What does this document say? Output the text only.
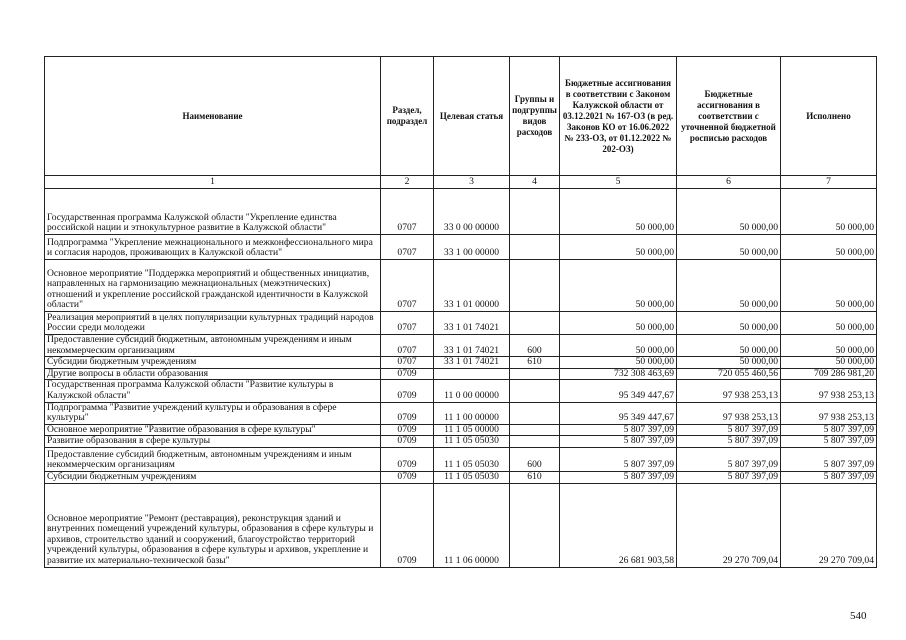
Наименование	Раздел, подраздел	Целевая статья	Группы и подгруппы видов расходов	Бюджетные ассигнования в соответствии с Законом Калужской области от 03.12.2021 № 167-ОЗ (в ред. Законов КО от 16.06.2022 № 233-ОЗ, от 01.12.2022 № 202-ОЗ)	Бюджетные ассигнования в соответствии с уточненной бюджетной росписью расходов	Исполнено
1	2	3	4	5	6	7
Государственная программа Калужской области "Укрепление единства российской нации и этнокультурное развитие в Калужской области"	0707	33 0 00 00000		50 000,00	50 000,00	50 000,00
Подпрограмма "Укрепление межнационального и межконфессионального мира и согласия народов, проживающих в Калужской области"	0707	33 1 00 00000		50 000,00	50 000,00	50 000,00
Основное мероприятие "Поддержка мероприятий и общественных инициатив, направленных на гармонизацию межнациональных (межэтнических) отношений и укрепление российской гражданской идентичности в Калужской области"	0707	33 1 01 00000		50 000,00	50 000,00	50 000,00
Реализация мероприятий в целях популяризации культурных традиций народов России среди молодежи	0707	33 1 01 74021		50 000,00	50 000,00	50 000,00
Предоставление субсидий бюджетным, автономным учреждениям и иным некоммерческим организациям	0707	33 1 01 74021	600	50 000,00	50 000,00	50 000,00
Субсидии бюджетным учреждениям	0707	33 1 01 74021	610	50 000,00	50 000,00	50 000,00
Другие вопросы в области образования	0709			732 308 463,69	720 055 460,56	709 286 981,20
Государственная программа Калужской области "Развитие культуры в Калужской области"	0709	11 0 00 00000		95 349 447,67	97 938 253,13	97 938 253,13
Подпрограмма "Развитие учреждений культуры и образования в сфере культуры"	0709	11 1 00 00000		95 349 447,67	97 938 253,13	97 938 253,13
Основное мероприятие "Развитие образования в сфере культуры"	0709	11 1 05 00000		5 807 397,09	5 807 397,09	5 807 397,09
Развитие образования в сфере культуры	0709	11 1 05 05030		5 807 397,09	5 807 397,09	5 807 397,09
Предоставление субсидий бюджетным, автономным учреждениям и иным некоммерческим организациям	0709	11 1 05 05030	600	5 807 397,09	5 807 397,09	5 807 397,09
Субсидии бюджетным учреждениям	0709	11 1 05 05030	610	5 807 397,09	5 807 397,09	5 807 397,09
Основное мероприятие "Ремонт (реставрация), реконструкция зданий и внутренних помещений учреждений культуры, образования в сфере культуры и архивов, строительство зданий и сооружений, благоустройство территорий учреждений культуры, образования в сфере культуры и архивов, укрепление и развитие их материально-технической базы"	0709	11 1 06 00000		26 681 903,58	29 270 709,04	29 270 709,04
540
